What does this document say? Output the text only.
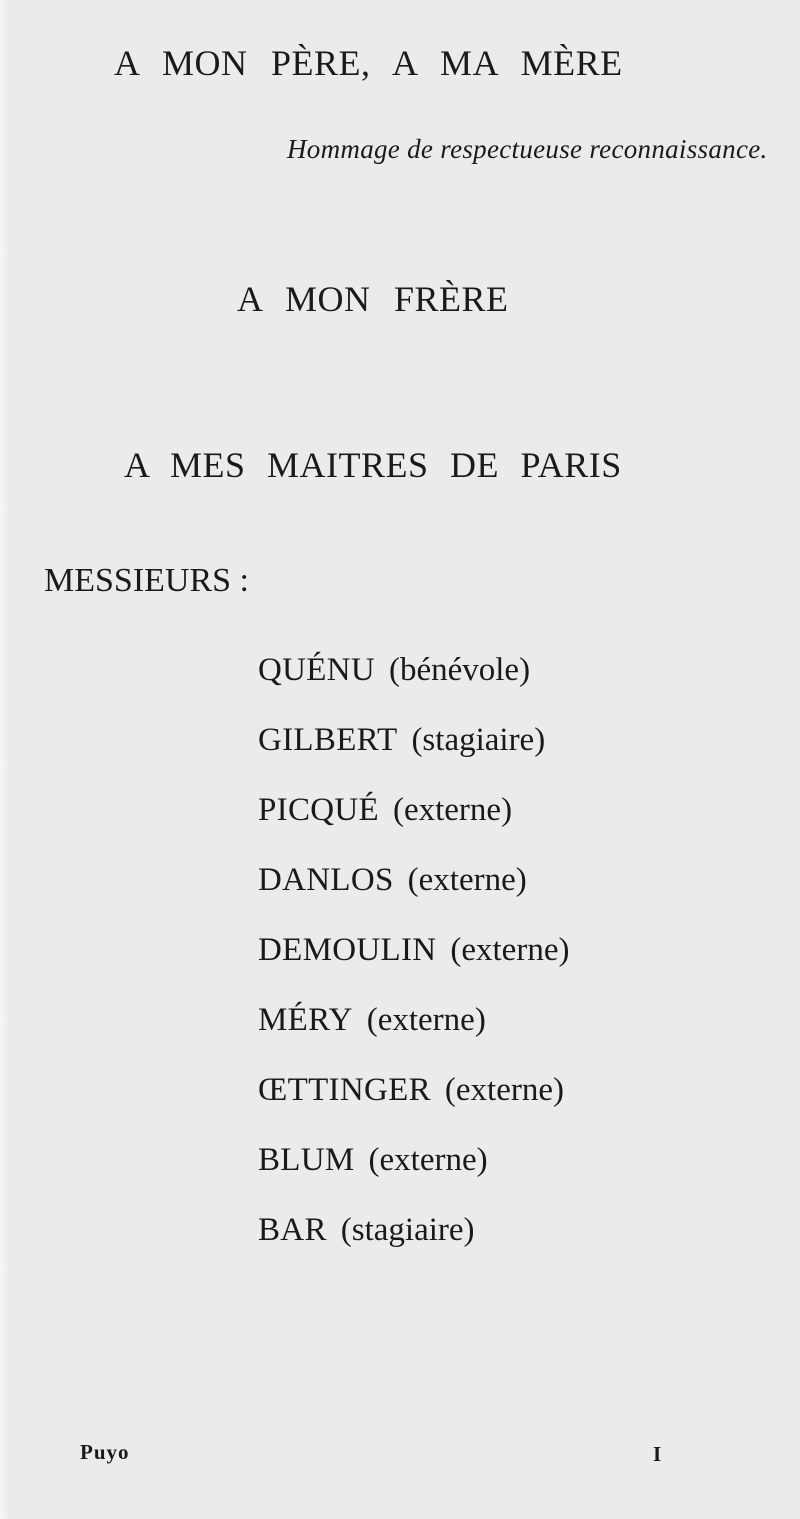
A MON PÈRE, A MA MÈRE
Hommage de respectueuse reconnaissance.
A MON FRÈRE
A MES MAITRES DE PARIS
MESSIEURS :
QUÉNU (bénévole)
GILBERT (stagiaire)
PICQUÉ (externe)
DANLOS (externe)
DEMOULIN (externe)
MÉRY (externe)
ŒTTINGER (externe)
BLUM (externe)
BAR (stagiaire)
Puyo	I
